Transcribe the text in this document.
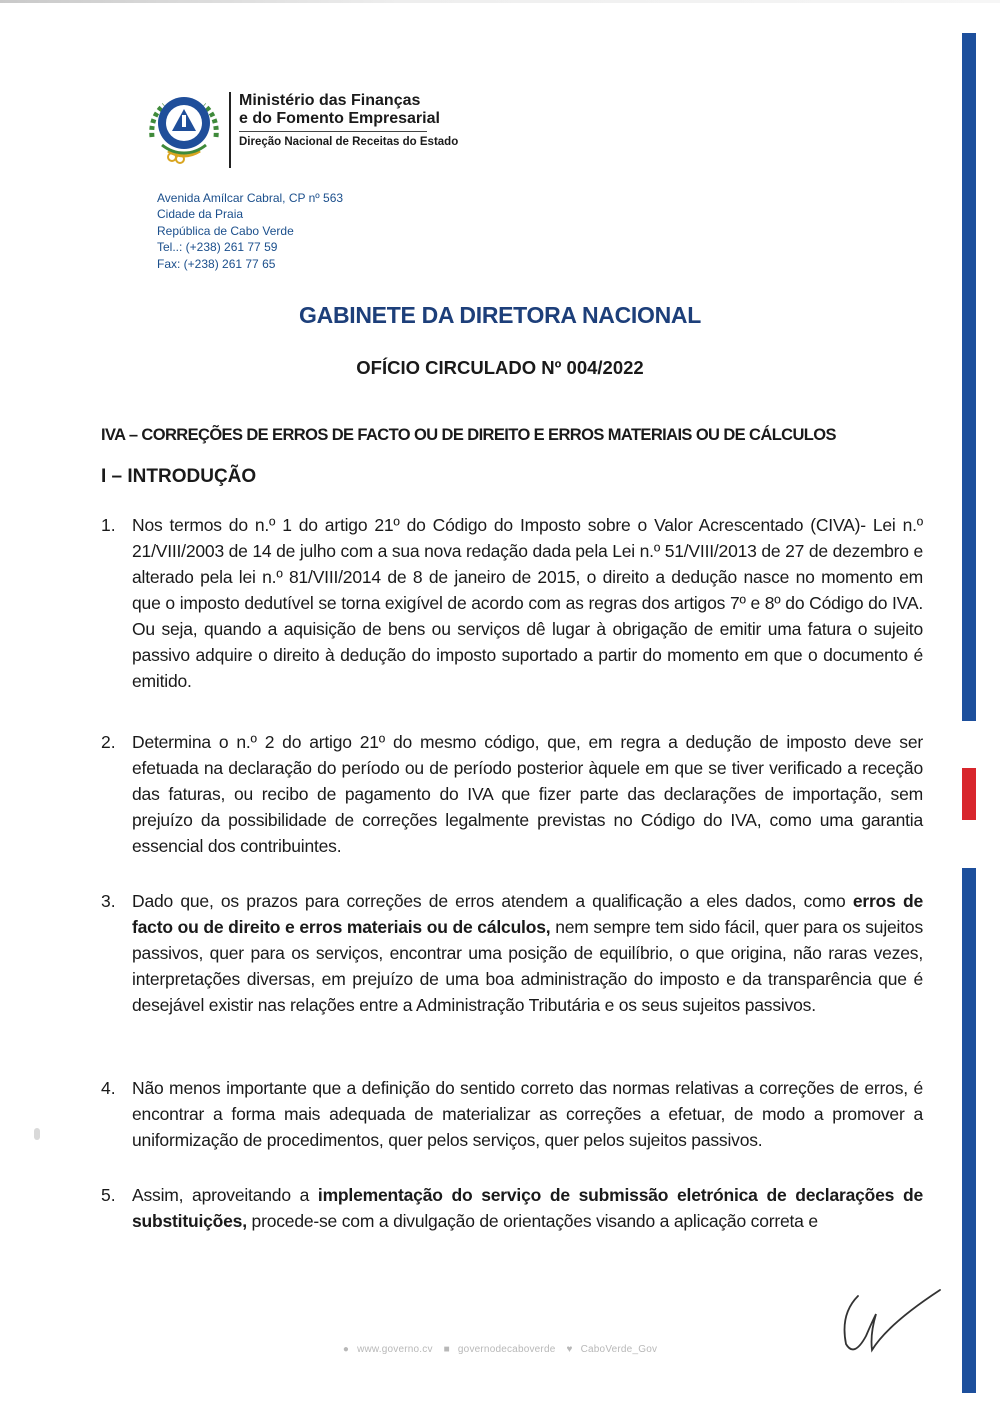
Ministério das Finanças
e do Fomento Empresarial
Direção Nacional de Receitas do Estado
Avenida Amílcar Cabral, CP nº 563
Cidade da Praia
República de Cabo Verde
Tel..: (+238) 261 77 59
Fax: (+238) 261 77 65
GABINETE DA DIRETORA NACIONAL
OFÍCIO CIRCULADO Nº 004/2022
IVA – CORREÇÕES DE ERROS DE FACTO OU DE DIREITO E ERROS MATERIAIS OU DE CÁLCULOS
I – INTRODUÇÃO
1. Nos termos do n.º 1 do artigo 21º do Código do Imposto sobre o Valor Acrescentado (CIVA)- Lei n.º 21/VIII/2003 de 14 de julho com a sua nova redação dada pela Lei n.º 51/VIII/2013 de 27 de dezembro e alterado pela lei n.º 81/VIII/2014 de 8 de janeiro de 2015, o direito a dedução nasce no momento em que o imposto dedutível se torna exigível de acordo com as regras dos artigos 7º e 8º do Código do IVA. Ou seja, quando a aquisição de bens ou serviços dê lugar à obrigação de emitir uma fatura o sujeito passivo adquire o direito à dedução do imposto suportado a partir do momento em que o documento é emitido.
2. Determina o n.º 2 do artigo 21º do mesmo código, que, em regra a dedução de imposto deve ser efetuada na declaração do período ou de período posterior àquele em que se tiver verificado a receção das faturas, ou recibo de pagamento do IVA que fizer parte das declarações de importação, sem prejuízo da possibilidade de correções legalmente previstas no Código do IVA, como uma garantia essencial dos contribuintes.
3. Dado que, os prazos para correções de erros atendem a qualificação a eles dados, como erros de facto ou de direito e erros materiais ou de cálculos, nem sempre tem sido fácil, quer para os sujeitos passivos, quer para os serviços, encontrar uma posição de equilíbrio, o que origina, não raras vezes, interpretações diversas, em prejuízo de uma boa administração do imposto e da transparência que é desejável existir nas relações entre a Administração Tributária e os seus sujeitos passivos.
4. Não menos importante que a definição do sentido correto das normas relativas a correções de erros, é encontrar a forma mais adequada de materializar as correções a efetuar, de modo a promover a uniformização de procedimentos, quer pelos serviços, quer pelos sujeitos passivos.
5. Assim, aproveitando a implementação do serviço de submissão eletrónica de declarações de substituições, procede-se com a divulgação de orientações visando a aplicação correta e
● www.governo.cv ■ governodecaboverde ♥ CaboVerde_Gov
